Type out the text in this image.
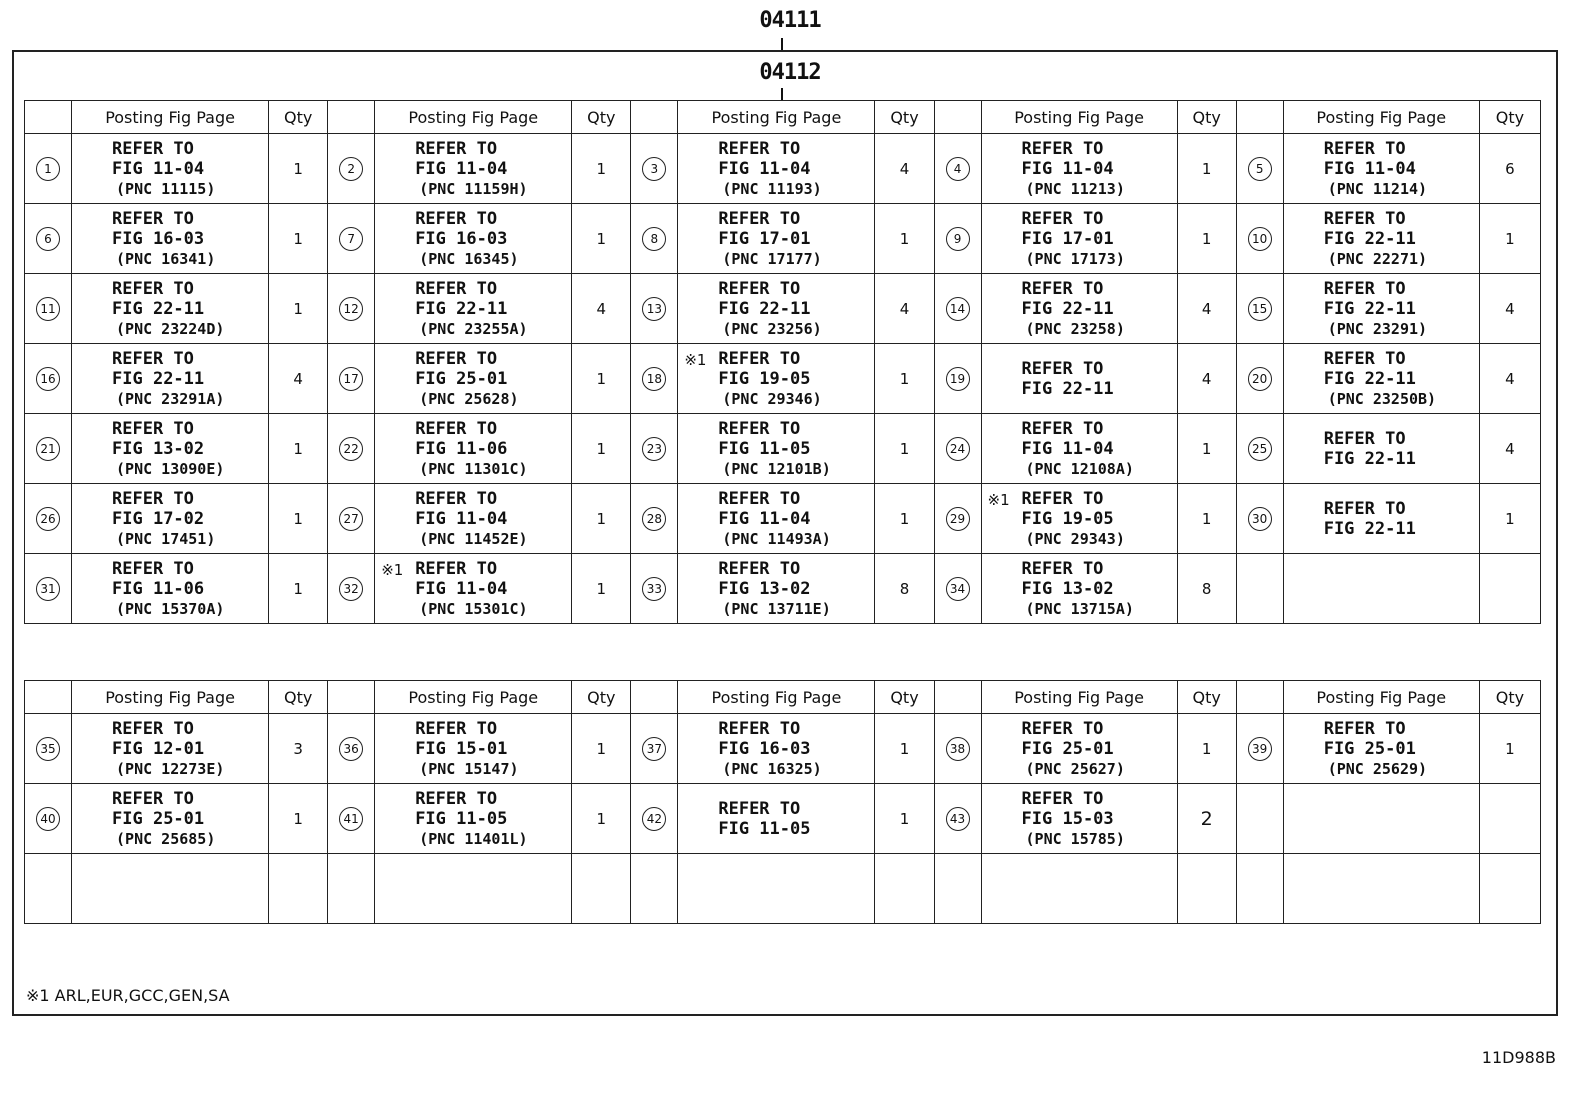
04111
04112
	Posting Fig Page	Qty		Posting Fig Page	Qty		Posting Fig Page	Qty		Posting Fig Page	Qty		Posting Fig Page	Qty
1	REFER TO
FIG 11-04
(PNC 11115)	1	2	REFER TO
FIG 11-04
(PNC 11159H)	1	3	REFER TO
FIG 11-04
(PNC 11193)	4	4	REFER TO
FIG 11-04
(PNC 11213)	1	5	REFER TO
FIG 11-04
(PNC 11214)	6
6	REFER TO
FIG 16-03
(PNC 16341)	1	7	REFER TO
FIG 16-03
(PNC 16345)	1	8	REFER TO
FIG 17-01
(PNC 17177)	1	9	REFER TO
FIG 17-01
(PNC 17173)	1	10	REFER TO
FIG 22-11
(PNC 22271)	1
11	REFER TO
FIG 22-11
(PNC 23224D)	1	12	REFER TO
FIG 22-11
(PNC 23255A)	4	13	REFER TO
FIG 22-11
(PNC 23256)	4	14	REFER TO
FIG 22-11
(PNC 23258)	4	15	REFER TO
FIG 22-11
(PNC 23291)	4
16	REFER TO
FIG 22-11
(PNC 23291A)	4	17	REFER TO
FIG 25-01
(PNC 25628)	1	18	※1 REFER TO
FIG 19-05
(PNC 29346)	1	19	REFER TO
FIG 22-11	4	20	REFER TO
FIG 22-11
(PNC 23250B)	4
21	REFER TO
FIG 13-02
(PNC 13090E)	1	22	REFER TO
FIG 11-06
(PNC 11301C)	1	23	REFER TO
FIG 11-05
(PNC 12101B)	1	24	REFER TO
FIG 11-04
(PNC 12108A)	1	25	REFER TO
FIG 22-11	4
26	REFER TO
FIG 17-02
(PNC 17451)	1	27	REFER TO
FIG 11-04
(PNC 11452E)	1	28	REFER TO
FIG 11-04
(PNC 11493A)	1	29	※1 REFER TO
FIG 19-05
(PNC 29343)	1	30	REFER TO
FIG 22-11	1
31	REFER TO
FIG 11-06
(PNC 15370A)	1	32	※1 REFER TO
FIG 11-04
(PNC 15301C)	1	33	REFER TO
FIG 13-02
(PNC 13711E)	8	34	REFER TO
FIG 13-02
(PNC 13715A)	8			
	Posting Fig Page	Qty		Posting Fig Page	Qty		Posting Fig Page	Qty		Posting Fig Page	Qty		Posting Fig Page	Qty
35	REFER TO
FIG 12-01
(PNC 12273E)	3	36	REFER TO
FIG 15-01
(PNC 15147)	1	37	REFER TO
FIG 16-03
(PNC 16325)	1	38	REFER TO
FIG 25-01
(PNC 25627)	1	39	REFER TO
FIG 25-01
(PNC 25629)	1
40	REFER TO
FIG 25-01
(PNC 25685)	1	41	REFER TO
FIG 11-05
(PNC 11401L)	1	42	REFER TO
FIG 11-05	1	43	REFER TO
FIG 15-03
(PNC 15785)	2			

※1 ARL,EUR,GCC,GEN,SA
11D988B
